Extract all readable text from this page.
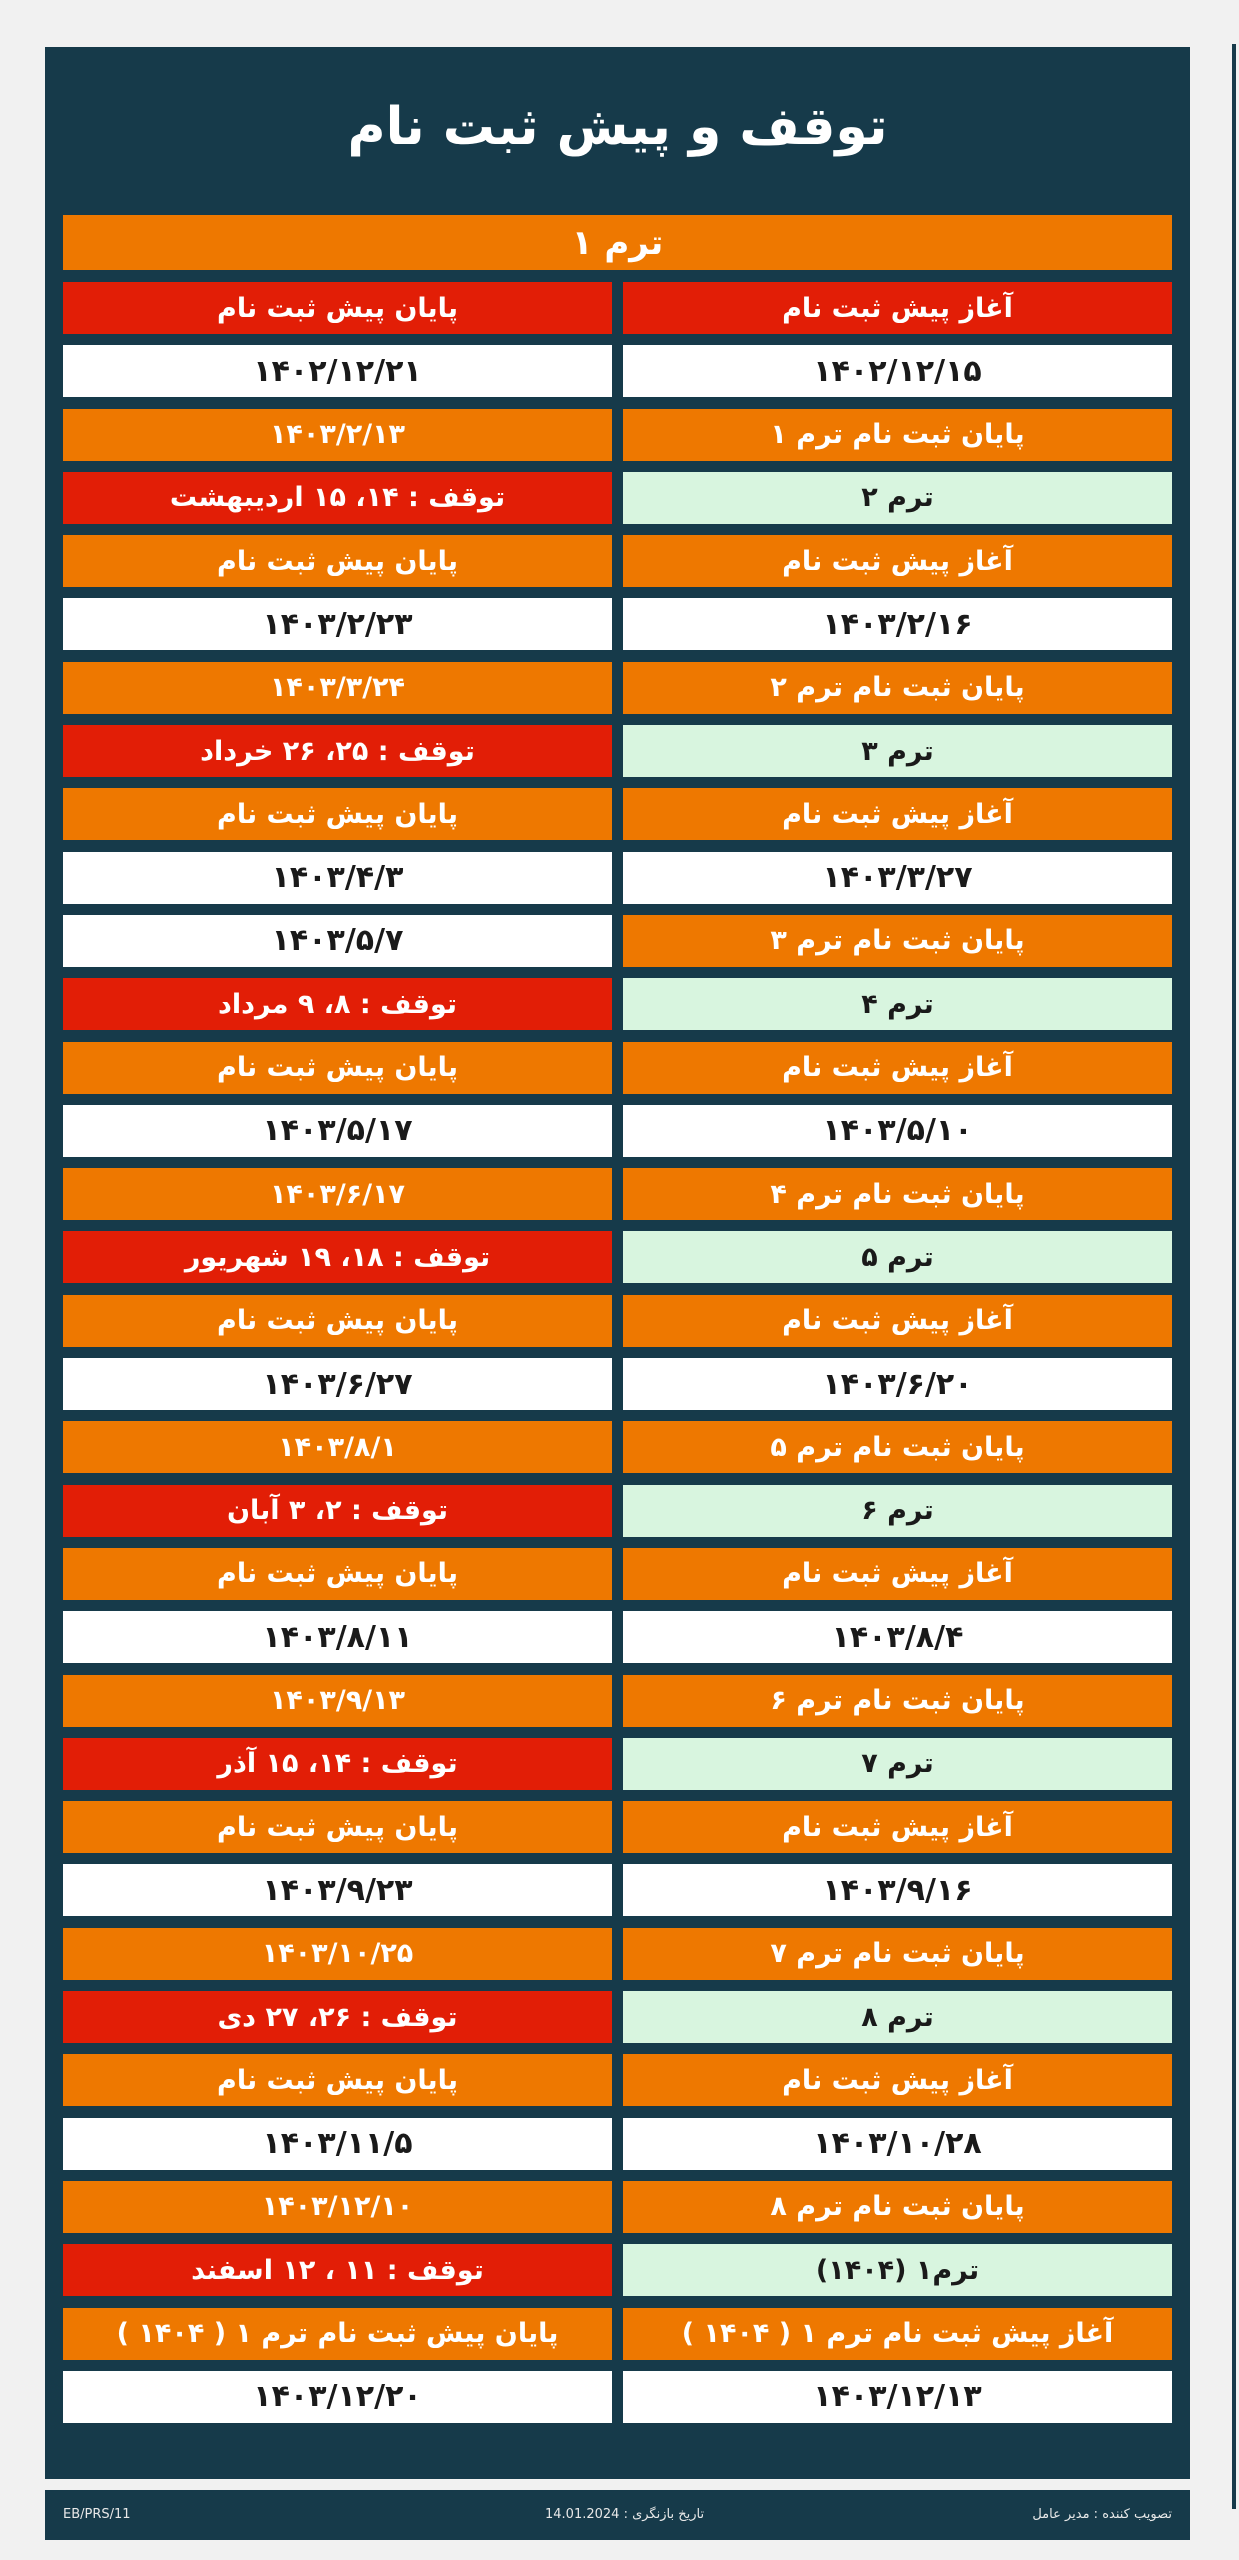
توقف و پیش ثبت نام
ترم ۱
پایان پیش ثبت نام	آغاز پیش ثبت نام
۱۴۰۲/۱۲/۲۱	۱۴۰۲/۱۲/۱۵
۱۴۰۳/۲/۱۳	پایان ثبت نام ترم ۱
توقف : ۱۴، ۱۵ اردیبهشت	ترم ۲
پایان پیش ثبت نام	آغاز پیش ثبت نام
۱۴۰۳/۲/۲۳	۱۴۰۳/۲/۱۶
۱۴۰۳/۳/۲۴	پایان ثبت نام ترم ۲
توقف : ۲۵، ۲۶ خرداد	ترم ۳
پایان پیش ثبت نام	آغاز پیش ثبت نام
۱۴۰۳/۴/۳	۱۴۰۳/۳/۲۷
۱۴۰۳/۵/۷	پایان ثبت نام ترم ۳
توقف : ۸، ۹ مرداد	ترم ۴
پایان پیش ثبت نام	آغاز پیش ثبت نام
۱۴۰۳/۵/۱۷	۱۴۰۳/۵/۱۰
۱۴۰۳/۶/۱۷	پایان ثبت نام ترم ۴
توقف : ۱۸، ۱۹ شهریور	ترم ۵
پایان پیش ثبت نام	آغاز پیش ثبت نام
۱۴۰۳/۶/۲۷	۱۴۰۳/۶/۲۰
۱۴۰۳/۸/۱	پایان ثبت نام ترم ۵
توقف : ۲، ۳ آبان	ترم ۶
پایان پیش ثبت نام	آغاز پیش ثبت نام
۱۴۰۳/۸/۱۱	۱۴۰۳/۸/۴
۱۴۰۳/۹/۱۳	پایان ثبت نام ترم ۶
توقف : ۱۴، ۱۵ آذر	ترم ۷
پایان پیش ثبت نام	آغاز پیش ثبت نام
۱۴۰۳/۹/۲۳	۱۴۰۳/۹/۱۶
۱۴۰۳/۱۰/۲۵	پایان ثبت نام ترم ۷
توقف : ۲۶، ۲۷ دی	ترم ۸
پایان پیش ثبت نام	آغاز پیش ثبت نام
۱۴۰۳/۱۱/۵	۱۴۰۳/۱۰/۲۸
۱۴۰۳/۱۲/۱۰	پایان ثبت نام ترم ۸
توقف : ۱۱ ، ۱۲ اسفند	ترم۱ (۱۴۰۴)
پایان پیش ثبت نام ترم ۱ ( ۱۴۰۴ )	آغاز پیش ثبت نام ترم ۱ ( ۱۴۰۴ )
۱۴۰۳/۱۲/۲۰	۱۴۰۳/۱۲/۱۳
تصویب کننده : مدیر عامل
تاریخ بازنگری : 14.01.2024
EB/PRS/11
